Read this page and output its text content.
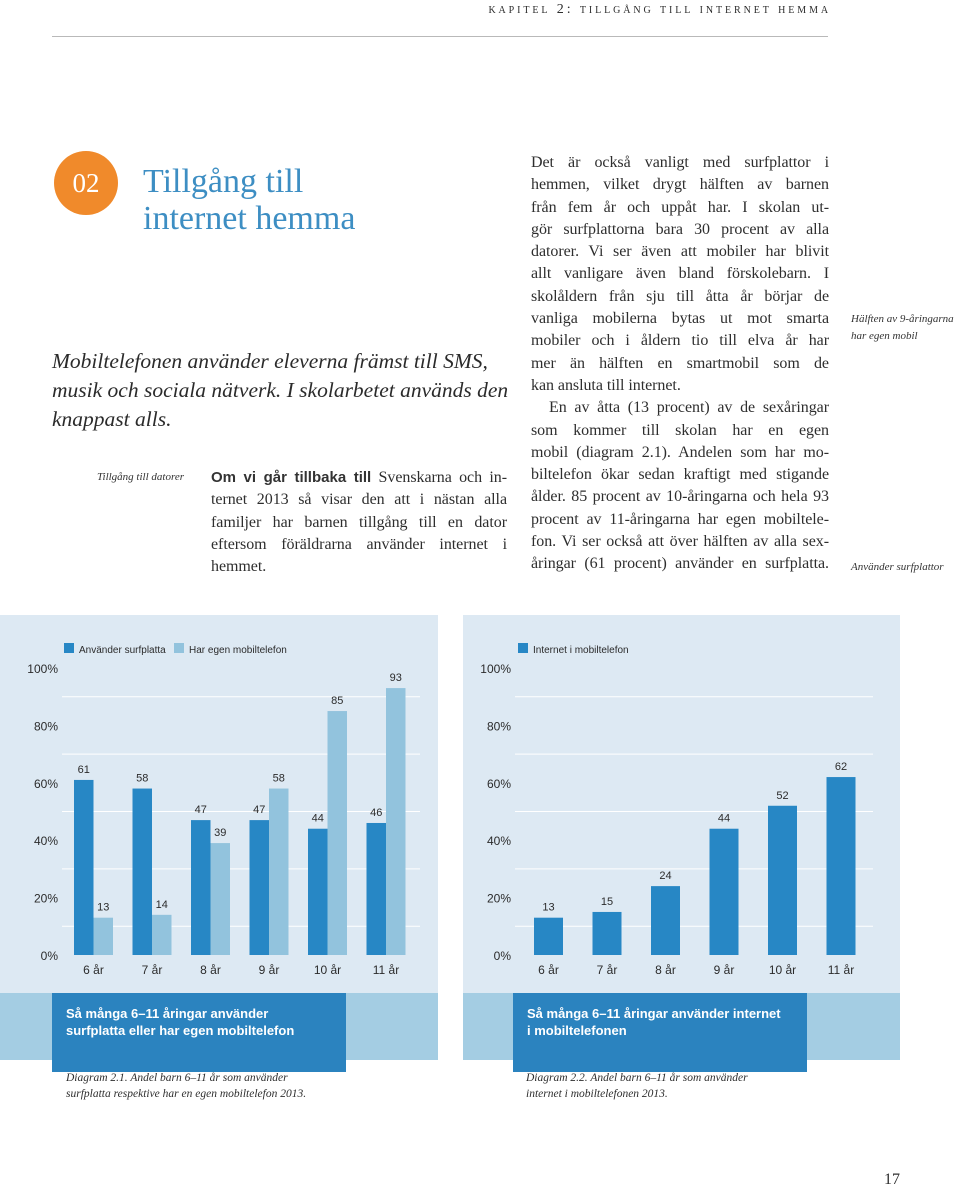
kapitel 2: tillgång till internet hemma
02	Tillgång till
internet hemma
Mobiltelefonen använder eleverna främst till SMS,
musik och sociala nätverk. I skolarbetet används den
knappast alls.
Tillgång till datorer
Hälften av 9-åringarna
har egen mobil
Använder surfplattor
Om vi går tillbaka till Svenskarna och in-
ternet 2013 så visar den att i nästan alla
familjer har barnen tillgång till en dator
eftersom föräldrarna använder internet i
hemmet.
Det är också vanligt med surfplattor i
hemmen, vilket drygt hälften av barnen
från fem år och uppåt har. I skolan ut-
gör surfplattorna bara 30 procent av alla
datorer. Vi ser även att mobiler har blivit
allt vanligare även bland förskolebarn. I
skolåldern från sju till åtta år börjar de
vanliga mobilerna bytas ut mot smarta
mobiler och i åldern tio till elva år har
mer än hälften en smartmobil som de
kan ansluta till internet.
En av åtta (13 procent) av de sexåringar
som kommer till skolan har en egen
mobil (diagram 2.1). Andelen som har mo-
biltelefon ökar sedan kraftigt med stigande
ålder. 85 procent av 10-åringarna och hela 93
procent av 11-åringarna har egen mobiltele-
fon. Vi ser också att över hälften av alla sex-
åringar (61 procent) använder en surfplatta.
0%
20%
40%
60%
80%
100%
Använder surfplatta
61
58
47	47
44	46
Har egen mobiltelefon
13	14
39
58
85
93
6 år	7 år	8 år	9 år	10 år	11 år
Så många 6–11 åringar använder
surfplatta eller har egen mobiltelefon
Diagram 2.1. Andel barn 6–11 år som använder
surfplatta respektive har en egen mobiltelefon 2013.
0%
20%
40%
60%
80%
100%
Internet i mobiltelefon
13	15
24
44
52
62
6 år	7 år	8 år	9 år	10 år	11 år
Så många 6–11 åringar använder internet
i mobiltelefonen
Diagram 2.2. Andel barn 6–11 år som använder
internet i mobiltelefonen 2013.
17
